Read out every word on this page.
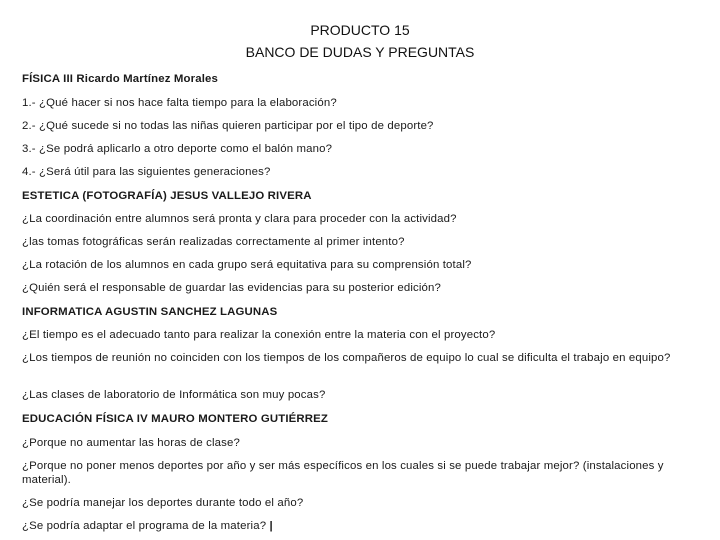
PRODUCTO 15
BANCO DE DUDAS Y PREGUNTAS
FÍSICA III Ricardo Martínez Morales
1.- ¿Qué hacer si nos hace falta tiempo para la elaboración?
2.- ¿Qué sucede si no todas las niñas quieren participar por el tipo de deporte?
3.- ¿Se podrá aplicarlo a otro deporte como el balón mano?
4.- ¿Será útil para las siguientes generaciones?
ESTETICA (FOTOGRAFÍA) JESUS VALLEJO RIVERA
¿La coordinación entre alumnos será pronta y clara para proceder con la actividad?
¿las tomas fotográficas serán realizadas correctamente al primer intento?
¿La rotación de los alumnos en cada grupo será equitativa para su comprensión total?
¿Quién será el responsable de guardar las evidencias para su posterior edición?
INFORMATICA AGUSTIN SANCHEZ LAGUNAS
¿El tiempo es el adecuado tanto para realizar la conexión entre la materia con el proyecto?
¿Los tiempos de reunión no coinciden con los tiempos de los compañeros de equipo lo cual se dificulta el trabajo en equipo?
¿Las clases de laboratorio de Informática son muy pocas?
EDUCACIÓN FÍSICA IV MAURO MONTERO GUTIÉRREZ
¿Porque no aumentar las horas de clase?
¿Porque no poner menos deportes por año y ser más específicos en los cuales si se puede trabajar mejor? (instalaciones y material).
¿Se podría manejar los deportes durante todo el año?
¿Se podría adaptar el programa de la materia? |
